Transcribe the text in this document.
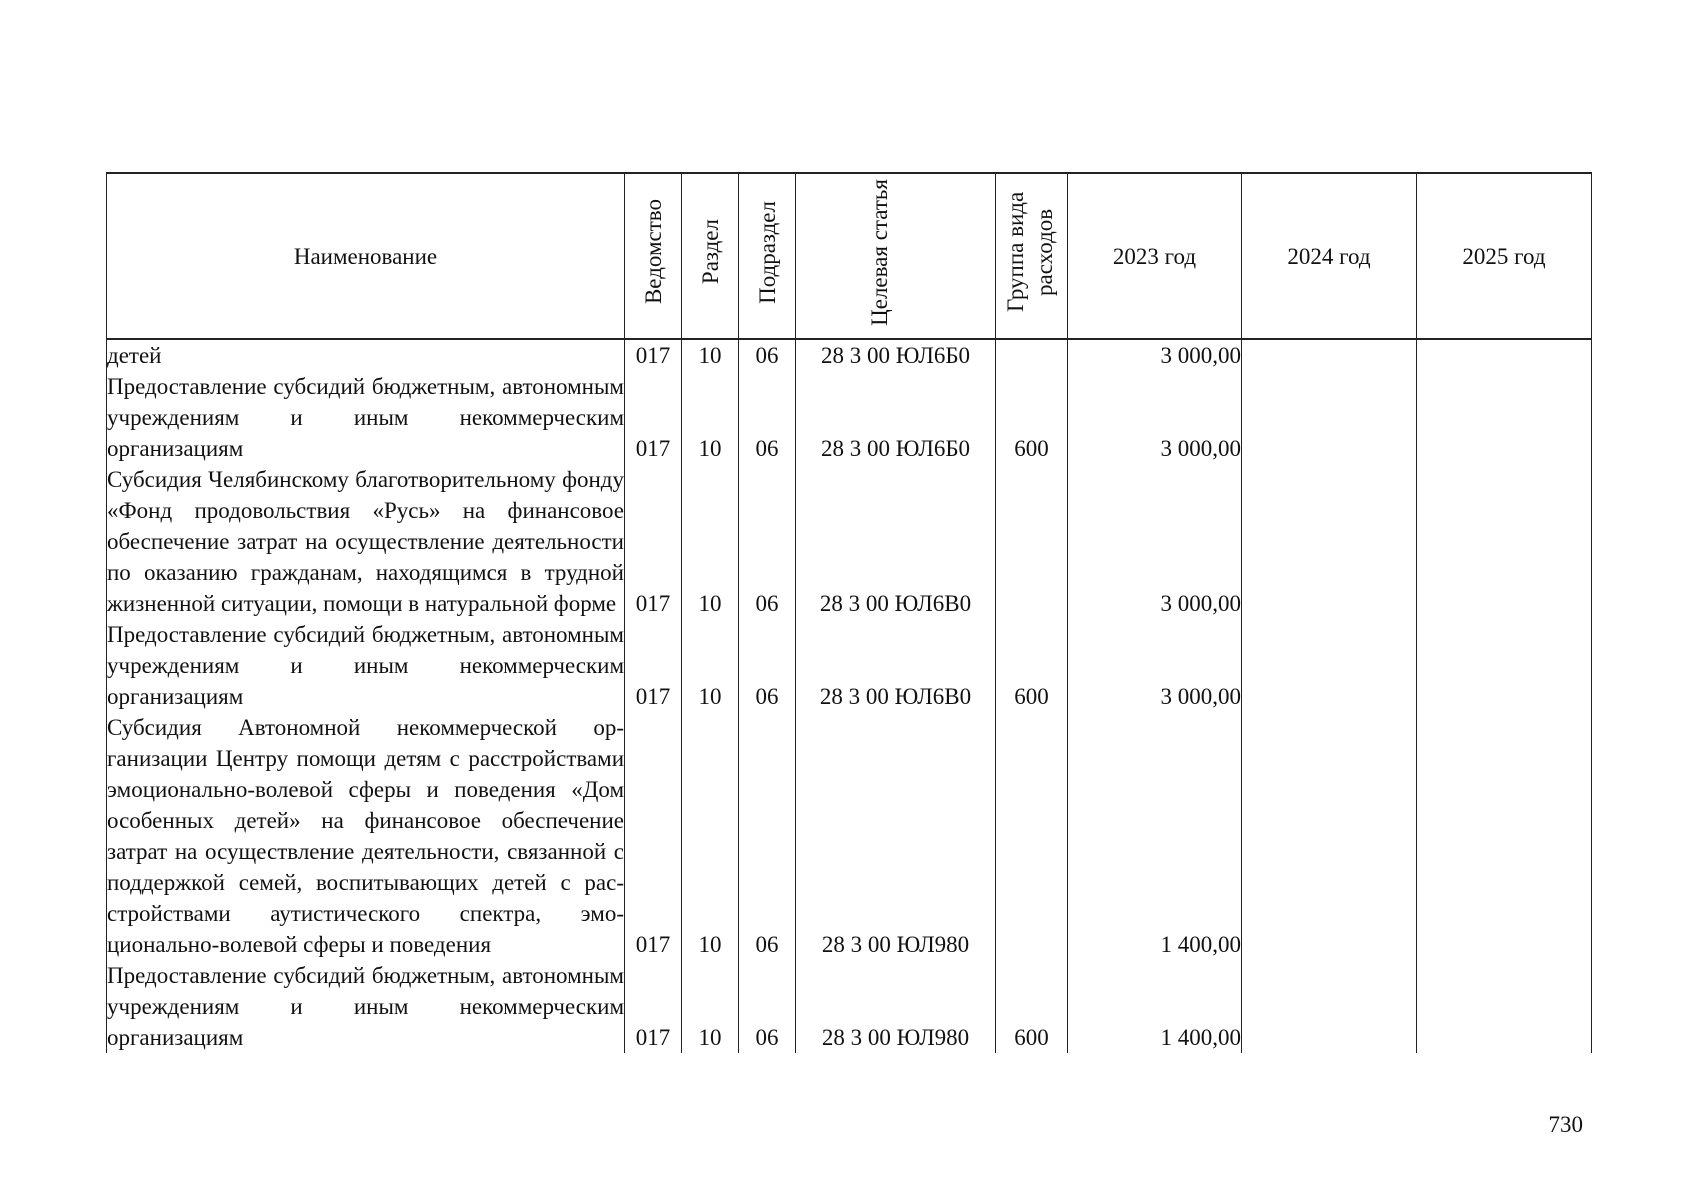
Наименование	Ведомство	Раздел	Подраздел	Целевая статья	Группа вида расходов	2023 год	2024 год	2025 год
детей	017	10	06	28 3 00 ЮЛ6Б0		3 000,00		
Предоставление субсидий бюджетным, автономным учреждениям и иным некоммерческим организациям	017	10	06	28 3 00 ЮЛ6Б0	600	3 000,00		
Субсидия Челябинскому благотворительному фонду «Фонд продовольствия «Русь» на финансовое обеспечение затрат на осуществление деятельности по оказанию гражданам, находящимся в трудной жизненной ситуации, помощи в натуральной форме	017	10	06	28 3 00 ЮЛ6В0		3 000,00		
Предоставление субсидий бюджетным, автономным учреждениям и иным некоммерческим организациям	017	10	06	28 3 00 ЮЛ6В0	600	3 000,00		
Субсидия Автономной некоммерческой организации Центру помощи детям с расстройствами эмоционально-волевой сферы и поведения «Дом особенных детей» на финансовое обеспечение затрат на осуществление деятельности, связанной с поддержкой семей, воспитывающих детей с расстройствами аутистического спектра, эмоционально-волевой сферы и поведения	017	10	06	28 3 00 ЮЛ980		1 400,00		
Предоставление субсидий бюджетным, автономным учреждениям и иным некоммерческим организациям	017	10	06	28 3 00 ЮЛ980	600	1 400,00		
730
